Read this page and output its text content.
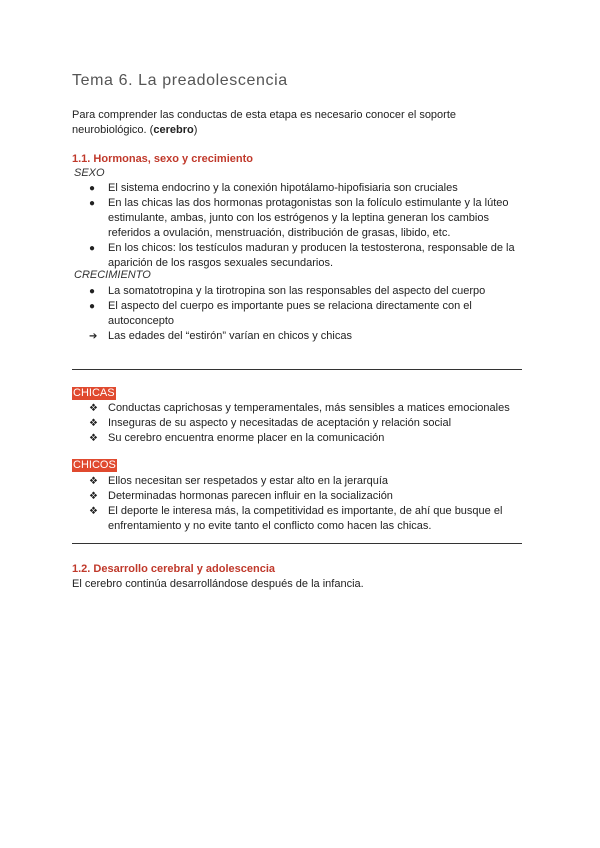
Tema 6. La preadolescencia
Para comprender las conductas de esta etapa es necesario conocer el soporte neurobiológico. (cerebro)
1.1. Hormonas, sexo y crecimiento
SEXO
●	El sistema endocrino y la conexión hipotálamo-hipofisiaria son cruciales
●	En las chicas las dos hormonas protagonistas son la folículo estimulante y la lúteo estimulante, ambas, junto con los estrógenos y la leptina generan los cambios referidos a ovulación, menstruación, distribución de grasas, libido, etc.
●	En los chicos: los testículos maduran y producen la testosterona, responsable de la aparición de los rasgos sexuales secundarios.
CRECIMIENTO
●	La somatotropina y la tirotropina son las responsables del aspecto del cuerpo
●	El aspecto del cuerpo es importante pues se relaciona directamente con el autoconcepto
➔ Las edades del “estirón” varían en chicos y chicas
CHICAS
❖ Conductas caprichosas y temperamentales, más sensibles a matices emocionales
❖ Inseguras de su aspecto y necesitadas de aceptación y relación social
❖ Su cerebro encuentra enorme placer en la comunicación
CHICOS
❖ Ellos necesitan ser respetados y estar alto en la jerarquía
❖ Determinadas hormonas parecen influir en la socialización
❖ El deporte le interesa más, la competitividad es importante, de ahí que busque el enfrentamiento y no evite tanto el conflicto como hacen las chicas.
1.2. Desarrollo cerebral y adolescencia
El cerebro continúa desarrollándose después de la infancia.
